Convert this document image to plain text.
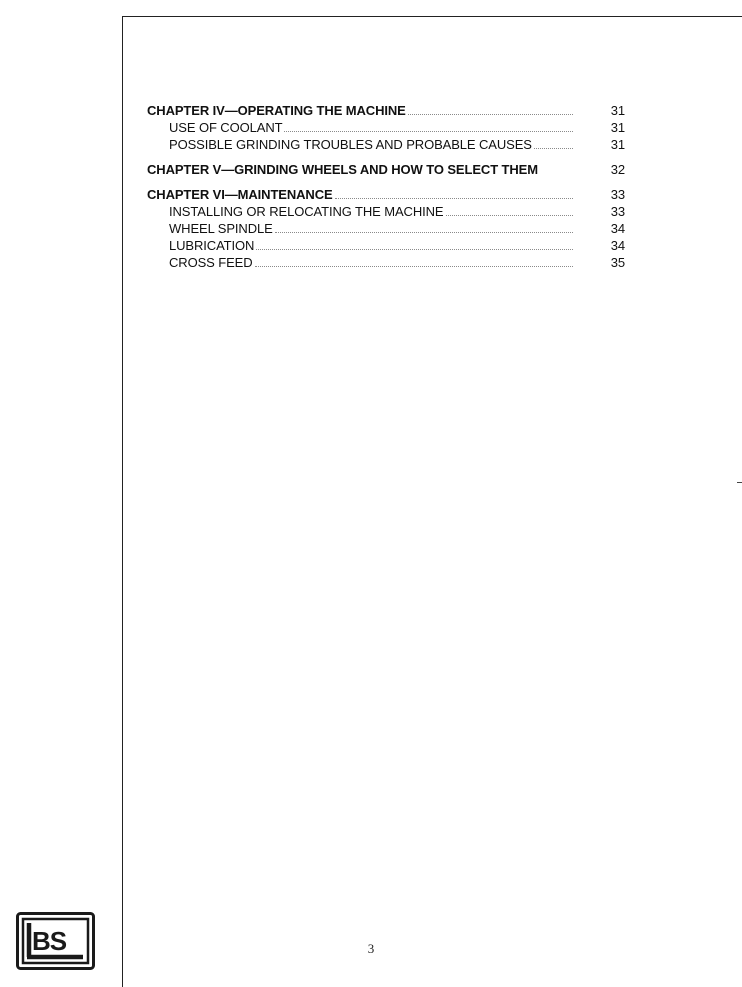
CHAPTER IV—OPERATING THE MACHINE	31
USE OF COOLANT	31
POSSIBLE GRINDING TROUBLES AND PROBABLE CAUSES	31
CHAPTER V—GRINDING WHEELS AND HOW TO SELECT THEM	32
CHAPTER VI—MAINTENANCE	33
INSTALLING OR RELOCATING THE MACHINE	33
WHEEL SPINDLE	34
LUBRICATION	34
CROSS FEED	35
BS	3
